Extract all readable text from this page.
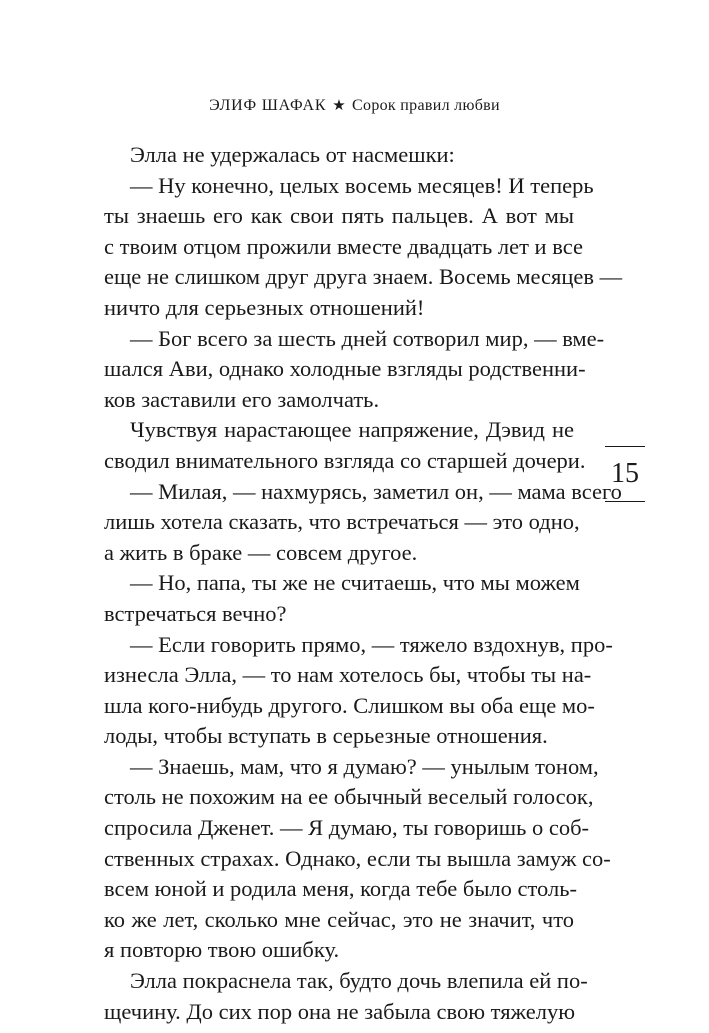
ЭЛИФ ШАФАК ★ Сорок правил любви
Элла не удержалась от насмешки:
— Ну конечно, целых восемь месяцев! И теперь
ты знаешь его как свои пять пальцев. А вот мы
с твоим отцом прожили вместе двадцать лет и все
еще не слишком друг друга знаем. Восемь месяцев —
ничто для серьезных отношений!
— Бог всего за шесть дней сотворил мир, — вме-
шался Ави, однако холодные взгляды родственни-
ков заставили его замолчать.
Чувствуя нарастающее напряжение, Дэвид не
сводил внимательного взгляда со старшей дочери.
— Милая, — нахмурясь, заметил он, — мама всего
лишь хотела сказать, что встречаться — это одно,
а жить в браке — совсем другое.
— Но, папа, ты же не считаешь, что мы можем
встречаться вечно?
— Если говорить прямо, — тяжело вздохнув, про-
изнесла Элла, — то нам хотелось бы, чтобы ты на-
шла кого-нибудь другого. Слишком вы оба еще мо-
лоды, чтобы вступать в серьезные отношения.
— Знаешь, мам, что я думаю? — унылым тоном,
столь не похожим на ее обычный веселый голосок,
спросила Дженет. — Я думаю, ты говоришь о соб-
ственных страхах. Однако, если ты вышла замуж со-
всем юной и родила меня, когда тебе было столь-
ко же лет, сколько мне сейчас, это не значит, что
я повторю твою ошибку.
Элла покраснела так, будто дочь влепила ей по-
щечину. До сих пор она не забыла свою тяжелую
15
